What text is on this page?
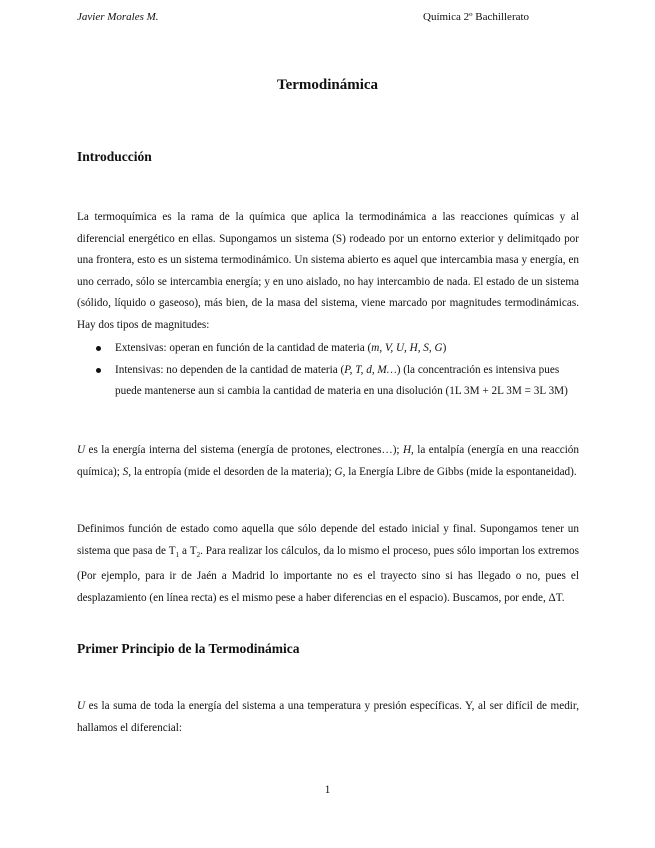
Javier Morales M.	Química 2º Bachillerato
Termodinámica
Introducción
La termoquímica es la rama de la química que aplica la termodinámica a las reacciones químicas y al diferencial energético en ellas. Supongamos un sistema (S) rodeado por un entorno exterior y delimitqado por una frontera, esto es un sistema termodinámico. Un sistema abierto es aquel que intercambia masa y energía, en uno cerrado, sólo se intercambia energía; y en uno aislado, no hay intercambio de nada. El estado de un sistema (sólido, líquido o gaseoso), más bien, de la masa del sistema, viene marcado por magnitudes termodinámicas. Hay dos tipos de magnitudes:
Extensivas: operan en función de la cantidad de materia (m, V, U, H, S, G)
Intensivas: no dependen de la cantidad de materia (P, T, d, M…) (la concentración es intensiva pues puede mantenerse aun si cambia la cantidad de materia en una disolución (1L 3M + 2L 3M = 3L 3M)
U es la energía interna del sistema (energía de protones, electrones…); H, la entalpía (energía en una reacción química); S, la entropía (mide el desorden de la materia); G, la Energía Libre de Gibbs (mide la espontaneidad).
Definimos función de estado como aquella que sólo depende del estado inicial y final. Supongamos tener un sistema que pasa de $T_1$ a $T_2$. Para realizar los cálculos, da lo mismo el proceso, pues sólo importan los extremos (Por ejemplo, para ir de Jaén a Madrid lo importante no es el trayecto sino si has llegado o no, pues el desplazamiento (en línea recta) es el mismo pese a haber diferencias en el espacio). Buscamos, por ende, ΔT.
Primer Principio de la Termodinámica
U es la suma de toda la energía del sistema a una temperatura y presión específicas. Y, al ser difícil de medir, hallamos el diferencial:
1
